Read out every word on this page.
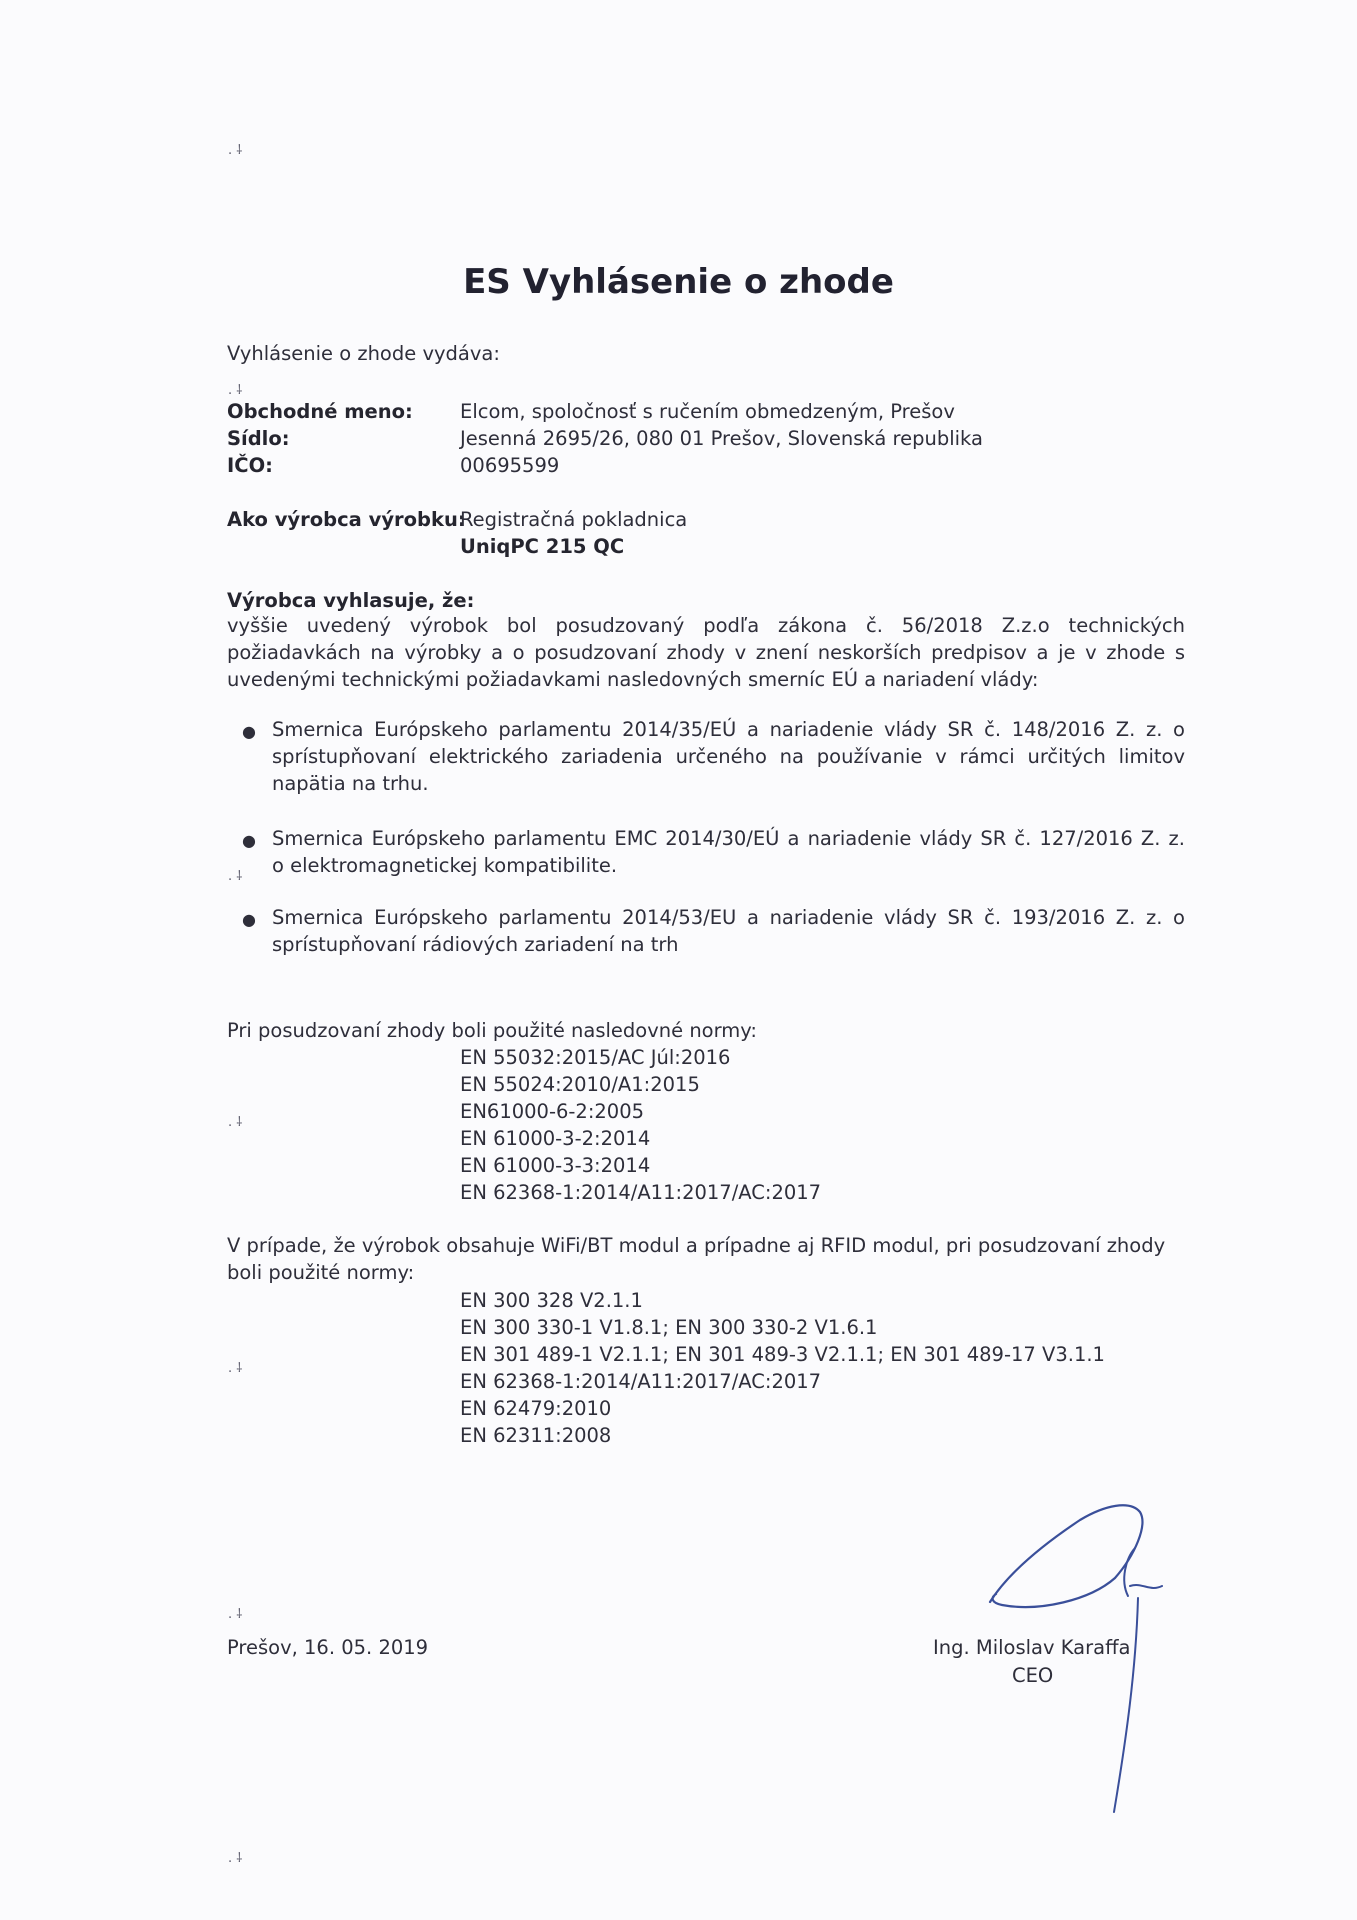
. ⸸
. ⸸
. ⸸
. ⸸
. ⸸
. ⸸
. ⸸
ES Vyhlásenie o zhode
Vyhlásenie o zhode vydáva:
Obchodné meno: Elcom, spoločnosť s ručením obmedzeným, Prešov
Sídlo:	Jesenná 2695/26, 080 01 Prešov, Slovenská republika
IČO:	00695599
Ako výrobca výrobku:
Registračná pokladnica
UniqPC 215 QC
Výrobca vyhlasuje, že:
vyššie uvedený výrobok bol posudzovaný podľa zákona č. 56/2018 Z.z.o technických
požiadavkách na výrobky a o posudzovaní zhody v znení neskorších predpisov a je v zhode s
uvedenými technickými požiadavkami nasledovných smerníc EÚ a nariadení vlády:
● Smernica Európskeho parlamentu 2014/35/EÚ a nariadenie vlády SR č. 148/2016 Z. z. o
sprístupňovaní elektrického zariadenia určeného na používanie v rámci určitých limitov
napätia na trhu.
● Smernica Európskeho parlamentu EMC 2014/30/EÚ a nariadenie vlády SR č. 127/2016 Z. z.
o elektromagnetickej kompatibilite.
● Smernica Európskeho parlamentu 2014/53/EU a nariadenie vlády SR č. 193/2016 Z. z. o
sprístupňovaní rádiových zariadení na trh
Pri posudzovaní zhody boli použité nasledovné normy:
EN 55032:2015/AC Júl:2016
EN 55024:2010/A1:2015
EN61000-6-2:2005
EN 61000-3-2:2014
EN 61000-3-3:2014
EN 62368-1:2014/A11:2017/AC:2017
V prípade, že výrobok obsahuje WiFi/BT modul a prípadne aj RFID modul, pri posudzovaní zhody
boli použité normy:
EN 300 328 V2.1.1
EN 300 330-1 V1.8.1; EN 300 330-2 V1.6.1
EN 301 489-1 V2.1.1; EN 301 489-3 V2.1.1; EN 301 489-17 V3.1.1
EN 62368-1:2014/A11:2017/AC:2017
EN 62479:2010
EN 62311:2008
Prešov, 16. 05. 2019	Ing. Miloslav Karaffa
CEO
